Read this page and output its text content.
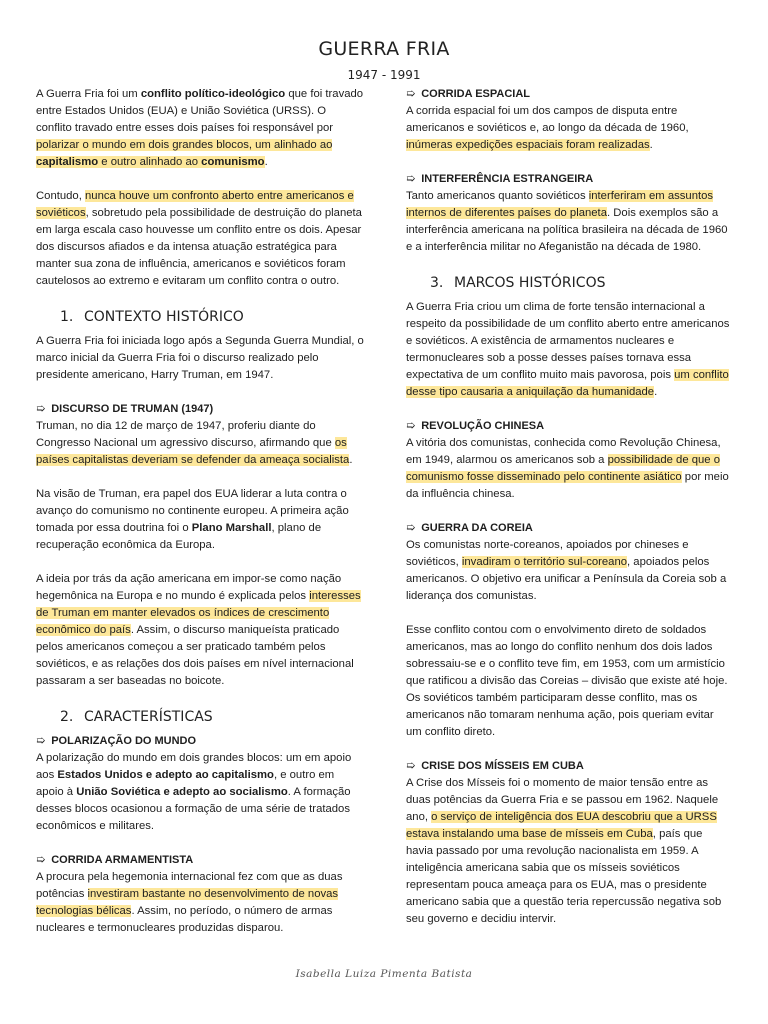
GUERRA FRIA
1947 - 1991

A Guerra Fria foi um conflito político-ideológico que foi travado entre Estados Unidos (EUA) e União Soviética (URSS). O conflito travado entre esses dois países foi responsável por polarizar o mundo em dois grandes blocos, um alinhado ao capitalismo e outro alinhado ao comunismo.

Contudo, nunca houve um confronto aberto entre americanos e soviéticos, sobretudo pela possibilidade de destruição do planeta em larga escala caso houvesse um conflito entre os dois. Apesar dos discursos afiados e da intensa atuação estratégica para manter sua zona de influência, americanos e soviéticos foram cautelosos ao extremo e evitaram um conflito contra o outro.

1. CONTEXTO HISTÓRICO

A Guerra Fria foi iniciada logo após a Segunda Guerra Mundial, o marco inicial da Guerra Fria foi o discurso realizado pelo presidente americano, Harry Truman, em 1947.

➯ DISCURSO DE TRUMAN (1947)

Truman, no dia 12 de março de 1947, proferiu diante do Congresso Nacional um agressivo discurso, afirmando que os países capitalistas deveriam se defender da ameaça socialista.

Na visão de Truman, era papel dos EUA liderar a luta contra o avanço do comunismo no continente europeu. A primeira ação tomada por essa doutrina foi o Plano Marshall, plano de recuperação econômica da Europa.

A ideia por trás da ação americana em impor-se como nação hegemônica na Europa e no mundo é explicada pelos interesses de Truman em manter elevados os índices de crescimento econômico do país. Assim, o discurso maniqueísta praticado pelos americanos começou a ser praticado também pelos soviéticos, e as relações dos dois países em nível internacional passaram a ser baseadas no boicote.

2. CARACTERÍSTICAS
➯ POLARIZAÇÃO DO MUNDO

A polarização do mundo em dois grandes blocos: um em apoio aos Estados Unidos e adepto ao capitalismo, e outro em apoio à União Soviética e adepto ao socialismo. A formação desses blocos ocasionou a formação de uma série de tratados econômicos e militares.

➯ CORRIDA ARMAMENTISTA

A procura pela hegemonia internacional fez com que as duas potências investiram bastante no desenvolvimento de novas tecnologias bélicas. Assim, no período, o número de armas nucleares e termonucleares produzidas disparou.

➯ CORRIDA ESPACIAL

A corrida espacial foi um dos campos de disputa entre americanos e soviéticos e, ao longo da década de 1960, inúmeras expedições espaciais foram realizadas.

➯ INTERFERÊNCIA ESTRANGEIRA

Tanto americanos quanto soviéticos interferiram em assuntos internos de diferentes países do planeta. Dois exemplos são a interferência americana na política brasileira na década de 1960 e a interferência militar no Afeganistão na década de 1980.

3. MARCOS HISTÓRICOS

A Guerra Fria criou um clima de forte tensão internacional a respeito da possibilidade de um conflito aberto entre americanos e soviéticos. A existência de armamentos nucleares e termonucleares sob a posse desses países tornava essa expectativa de um conflito muito mais pavorosa, pois um conflito desse tipo causaria a aniquilação da humanidade.

➯ REVOLUÇÃO CHINESA

A vitória dos comunistas, conhecida como Revolução Chinesa, em 1949, alarmou os americanos sob a possibilidade de que o comunismo fosse disseminado pelo continente asiático por meio da influência chinesa.

➯ GUERRA DA COREIA

Os comunistas norte-coreanos, apoiados por chineses e soviéticos, invadiram o território sul-coreano, apoiados pelos americanos. O objetivo era unificar a Península da Coreia sob a liderança dos comunistas.

Esse conflito contou com o envolvimento direto de soldados americanos, mas ao longo do conflito nenhum dos dois lados sobressaiu-se e o conflito teve fim, em 1953, com um armistício que ratificou a divisão das Coreias – divisão que existe até hoje. Os soviéticos também participaram desse conflito, mas os americanos não tomaram nenhuma ação, pois queriam evitar um conflito direto.

➯ CRISE DOS MÍSSEIS EM CUBA

A Crise dos Mísseis foi o momento de maior tensão entre as duas potências da Guerra Fria e se passou em 1962. Naquele ano, o serviço de inteligência dos EUA descobriu que a URSS estava instalando uma base de mísseis em Cuba, país que havia passado por uma revolução nacionalista em 1959. A inteligência americana sabia que os mísseis soviéticos representam pouca ameaça para os EUA, mas o presidente americano sabia que a questão teria repercussão negativa sob seu governo e decidiu intervir.

Isabella Luiza Pimenta Batista
